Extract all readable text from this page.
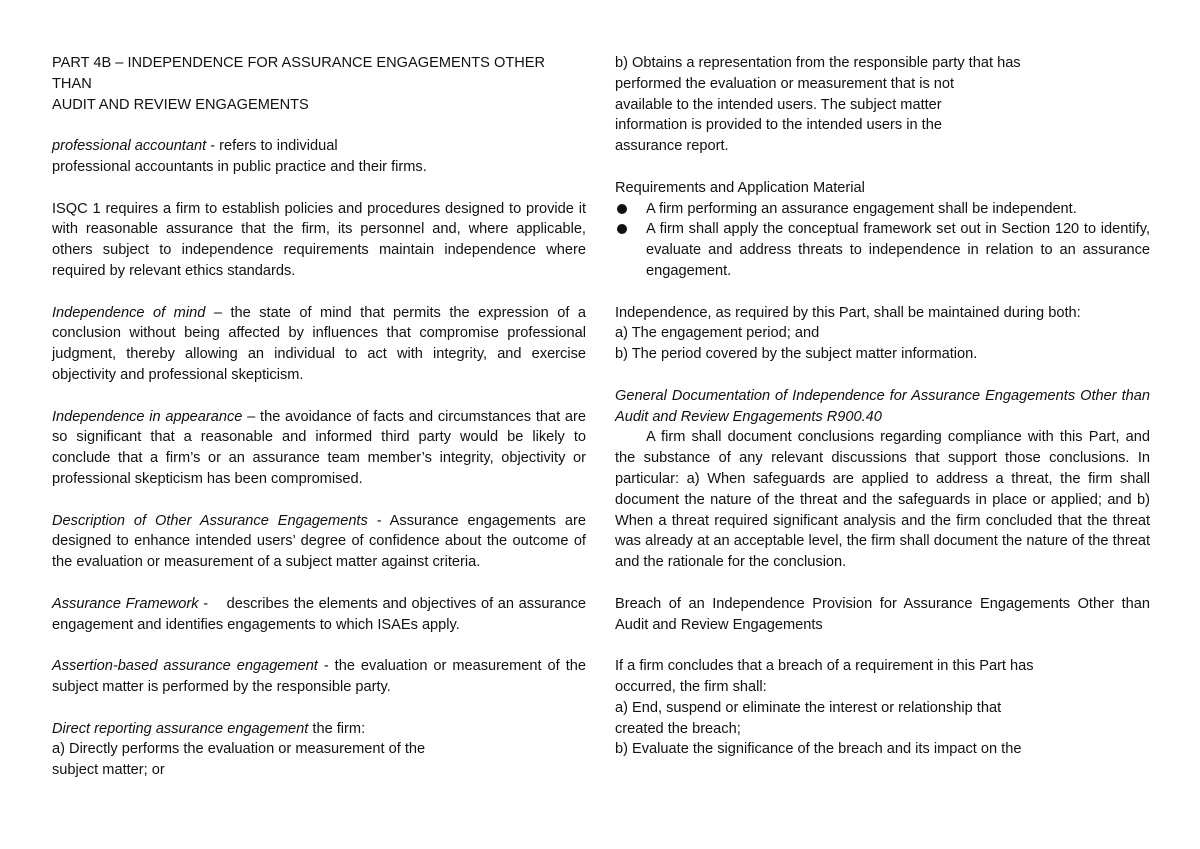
PART 4B – INDEPENDENCE FOR ASSURANCE ENGAGEMENTS OTHER THAN

AUDIT AND REVIEW ENGAGEMENTS

professional accountant - refers to individual

professional accountants in public practice and their firms.

ISQC 1 requires a firm to establish policies and procedures designed to provide it with reasonable assurance that the firm, its personnel and, where applicable, others subject to independence requirements maintain independence where required by relevant ethics standards.

Independence of mind – the state of mind that permits the expression of a conclusion without being affected by influences that compromise professional judgment, thereby allowing an individual to act with integrity, and exercise objectivity and professional skepticism.

Independence in appearance – the avoidance of facts and circumstances that are so significant that a reasonable and informed third party would be likely to conclude that a firm’s or an assurance team member’s integrity, objectivity or professional skepticism has been compromised.

Description of Other Assurance Engagements - Assurance engagements are designed to enhance intended users’ degree of confidence about the outcome of the evaluation or measurement of a subject matter against criteria.

Assurance Framework -    describes the elements and objectives of an assurance engagement and identifies engagements to which ISAEs apply.

Assertion-based assurance engagement - the evaluation or measurement of the subject matter is performed by the responsible party.

Direct reporting assurance engagement the firm:

a) Directly performs the evaluation or measurement of the

subject matter; or

b) Obtains a representation from the responsible party that has

performed the evaluation or measurement that is not

available to the intended users. The subject matter

information is provided to the intended users in the

assurance report.

Requirements and Application Material

A firm performing an assurance engagement shall be independent.
A firm shall apply the conceptual framework set out in Section 120 to identify, evaluate and address threats to independence in relation to an assurance engagement.

Independence, as required by this Part, shall be maintained during both:

a) The engagement period; and

b) The period covered by the subject matter information.

General Documentation of Independence for Assurance Engagements Other than Audit and Review Engagements R900.40

A firm shall document conclusions regarding compliance with this Part, and the substance of any relevant discussions that support those conclusions. In particular: a) When safeguards are applied to address a threat, the firm shall document the nature of the threat and the safeguards in place or applied; and b) When a threat required significant analysis and the firm concluded that the threat was already at an acceptable level, the firm shall document the nature of the threat and the rationale for the conclusion.

Breach of an Independence Provision for Assurance Engagements Other than Audit and Review Engagements

If a firm concludes that a breach of a requirement in this Part has

occurred, the firm shall:

a) End, suspend or eliminate the interest or relationship that

created the breach;

b) Evaluate the significance of the breach and its impact on the
